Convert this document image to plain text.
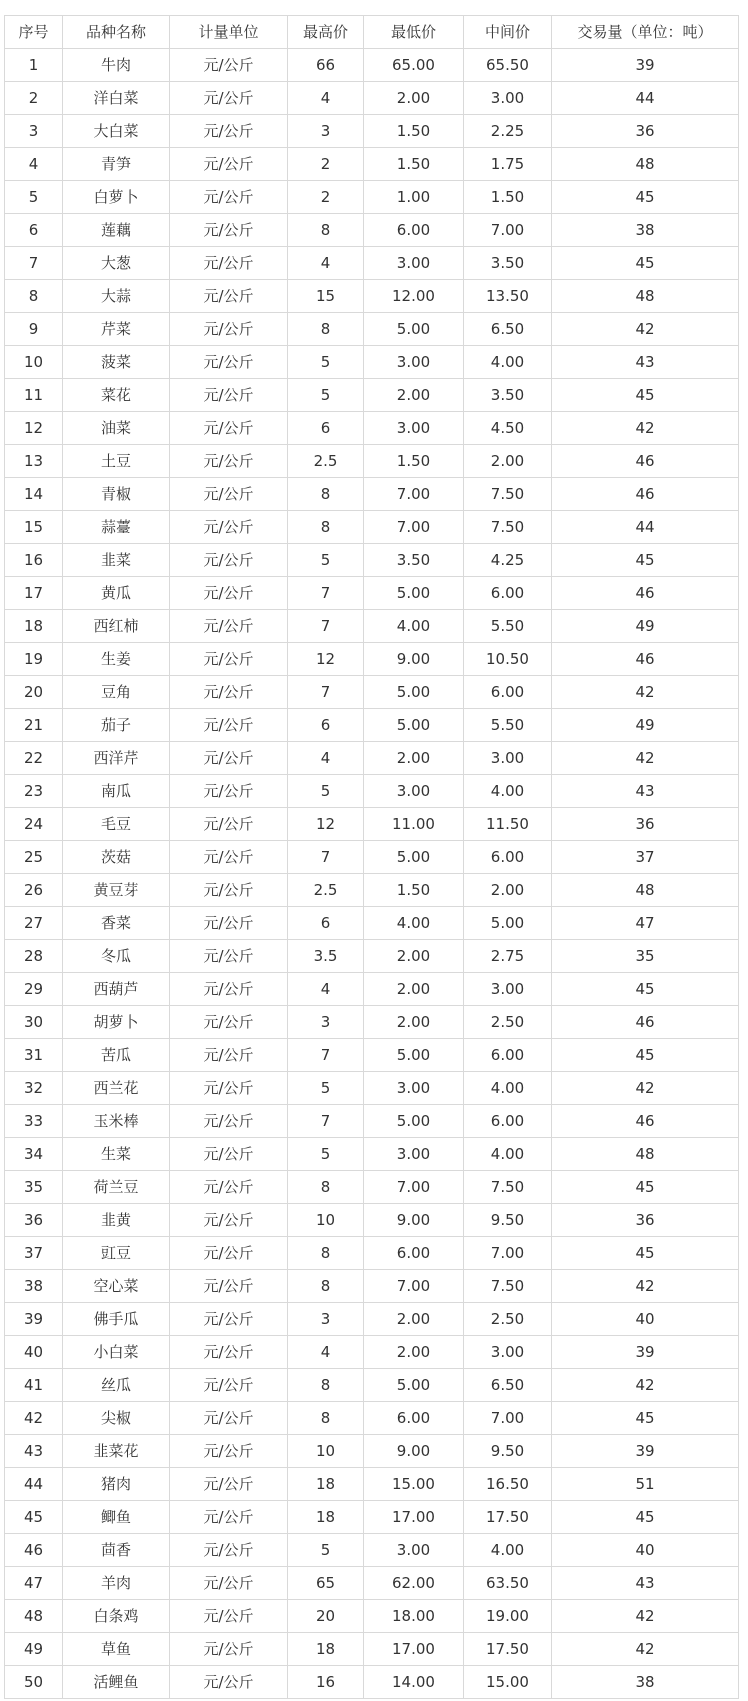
序号	品种名称	计量单位	最高价	最低价	中间价	交易量（单位：吨）
1	牛肉	元/公斤	66	65.00	65.50	39
2	洋白菜	元/公斤	4	2.00	3.00	44
3	大白菜	元/公斤	3	1.50	2.25	36
4	青笋	元/公斤	2	1.50	1.75	48
5	白萝卜	元/公斤	2	1.00	1.50	45
6	莲藕	元/公斤	8	6.00	7.00	38
7	大葱	元/公斤	4	3.00	3.50	45
8	大蒜	元/公斤	15	12.00	13.50	48
9	芹菜	元/公斤	8	5.00	6.50	42
10	菠菜	元/公斤	5	3.00	4.00	43
11	菜花	元/公斤	5	2.00	3.50	45
12	油菜	元/公斤	6	3.00	4.50	42
13	土豆	元/公斤	2.5	1.50	2.00	46
14	青椒	元/公斤	8	7.00	7.50	46
15	蒜薹	元/公斤	8	7.00	7.50	44
16	韭菜	元/公斤	5	3.50	4.25	45
17	黄瓜	元/公斤	7	5.00	6.00	46
18	西红柿	元/公斤	7	4.00	5.50	49
19	生姜	元/公斤	12	9.00	10.50	46
20	豆角	元/公斤	7	5.00	6.00	42
21	茄子	元/公斤	6	5.00	5.50	49
22	西洋芹	元/公斤	4	2.00	3.00	42
23	南瓜	元/公斤	5	3.00	4.00	43
24	毛豆	元/公斤	12	11.00	11.50	36
25	茨菇	元/公斤	7	5.00	6.00	37
26	黄豆芽	元/公斤	2.5	1.50	2.00	48
27	香菜	元/公斤	6	4.00	5.00	47
28	冬瓜	元/公斤	3.5	2.00	2.75	35
29	西葫芦	元/公斤	4	2.00	3.00	45
30	胡萝卜	元/公斤	3	2.00	2.50	46
31	苦瓜	元/公斤	7	5.00	6.00	45
32	西兰花	元/公斤	5	3.00	4.00	42
33	玉米棒	元/公斤	7	5.00	6.00	46
34	生菜	元/公斤	5	3.00	4.00	48
35	荷兰豆	元/公斤	8	7.00	7.50	45
36	韭黄	元/公斤	10	9.00	9.50	36
37	豇豆	元/公斤	8	6.00	7.00	45
38	空心菜	元/公斤	8	7.00	7.50	42
39	佛手瓜	元/公斤	3	2.00	2.50	40
40	小白菜	元/公斤	4	2.00	3.00	39
41	丝瓜	元/公斤	8	5.00	6.50	42
42	尖椒	元/公斤	8	6.00	7.00	45
43	韭菜花	元/公斤	10	9.00	9.50	39
44	猪肉	元/公斤	18	15.00	16.50	51
45	鲫鱼	元/公斤	18	17.00	17.50	45
46	茴香	元/公斤	5	3.00	4.00	40
47	羊肉	元/公斤	65	62.00	63.50	43
48	白条鸡	元/公斤	20	18.00	19.00	42
49	草鱼	元/公斤	18	17.00	17.50	42
50	活鲤鱼	元/公斤	16	14.00	15.00	38
